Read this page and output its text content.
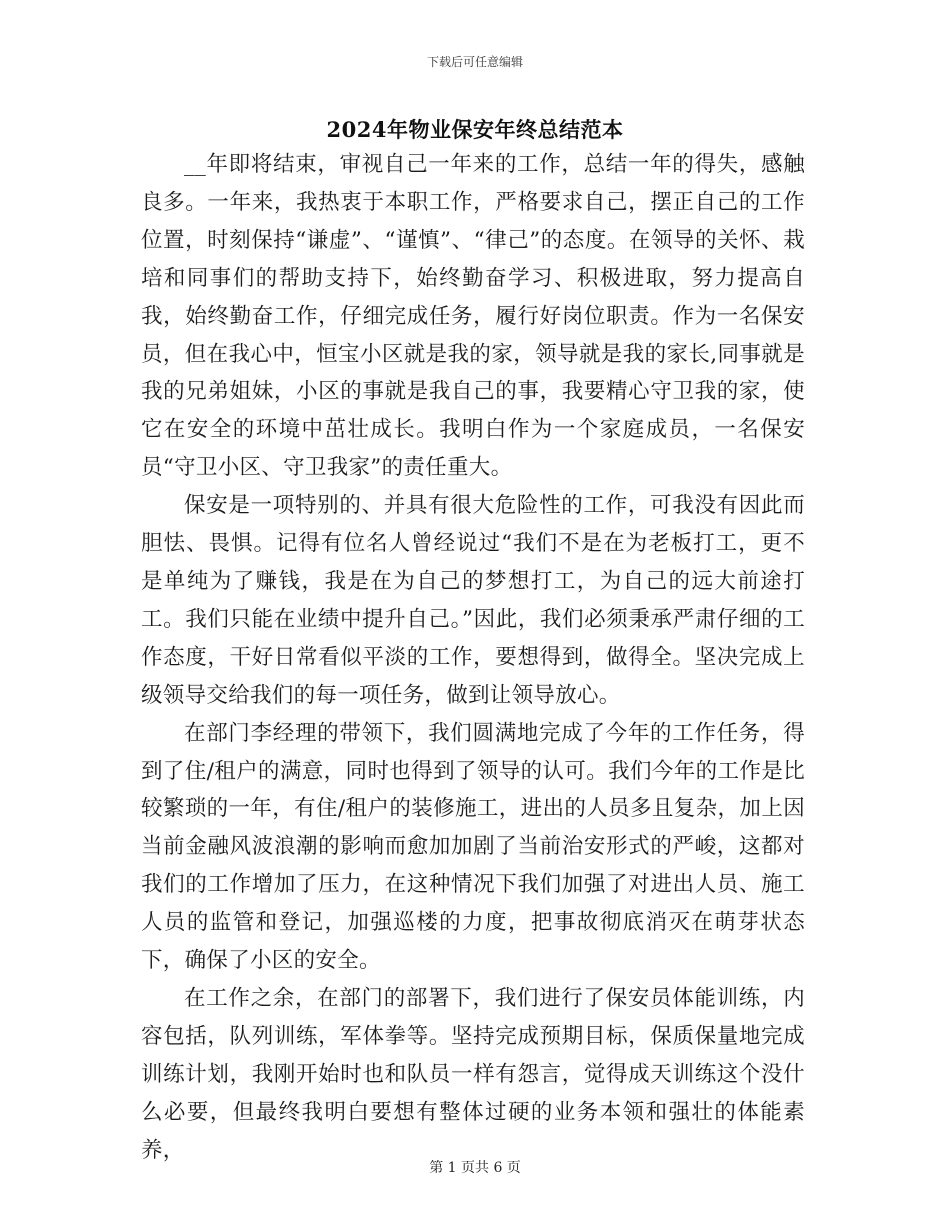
下载后可任意编辑
2024年物业保安年终总结范本

__年即将结束，审视自己一年来的工作，总结一年的得失，感触良多。一年来，我热衷于本职工作，严格要求自己，摆正自己的工作位置，时刻保持“谦虚”、“谨慎”、“律己”的态度。在领导的关怀、栽培和同事们的帮助支持下，始终勤奋学习、积极进取，努力提高自我，始终勤奋工作，仔细完成任务，履行好岗位职责。作为一名保安员，但在我心中，恒宝小区就是我的家，领导就是我的家长,同事就是我的兄弟姐妹，小区的事就是我自己的事，我要精心守卫我的家，使它在安全的环境中茁壮成长。我明白作为一个家庭成员，一名保安员“守卫小区、守卫我家”的责任重大。

保安是一项特别的、并具有很大危险性的工作，可我没有因此而胆怯、畏惧。记得有位名人曾经说过“我们不是在为老板打工，更不是单纯为了赚钱，我是在为自己的梦想打工，为自己的远大前途打工。我们只能在业绩中提升自己。”因此，我们必须秉承严肃仔细的工作态度，干好日常看似平淡的工作，要想得到，做得全。坚决完成上级领导交给我们的每一项任务，做到让领导放心。

在部门李经理的带领下，我们圆满地完成了今年的工作任务，得到了住/租户的满意，同时也得到了领导的认可。我们今年的工作是比较繁琐的一年，有住/租户的装修施工，进出的人员多且复杂，加上因当前金融风波浪潮的影响而愈加加剧了当前治安形式的严峻，这都对我们的工作增加了压力，在这种情况下我们加强了对进出人员、施工人员的监管和登记，加强巡楼的力度，把事故彻底消灭在萌芽状态下，确保了小区的安全。

在工作之余，在部门的部署下，我们进行了保安员体能训练，内容包括，队列训练，军体拳等。坚持完成预期目标，保质保量地完成训练计划，我刚开始时也和队员一样有怨言，觉得成天训练这个没什么必要，但最终我明白要想有整体过硬的业务本领和强壮的体能素养，

第 1 页共 6 页
